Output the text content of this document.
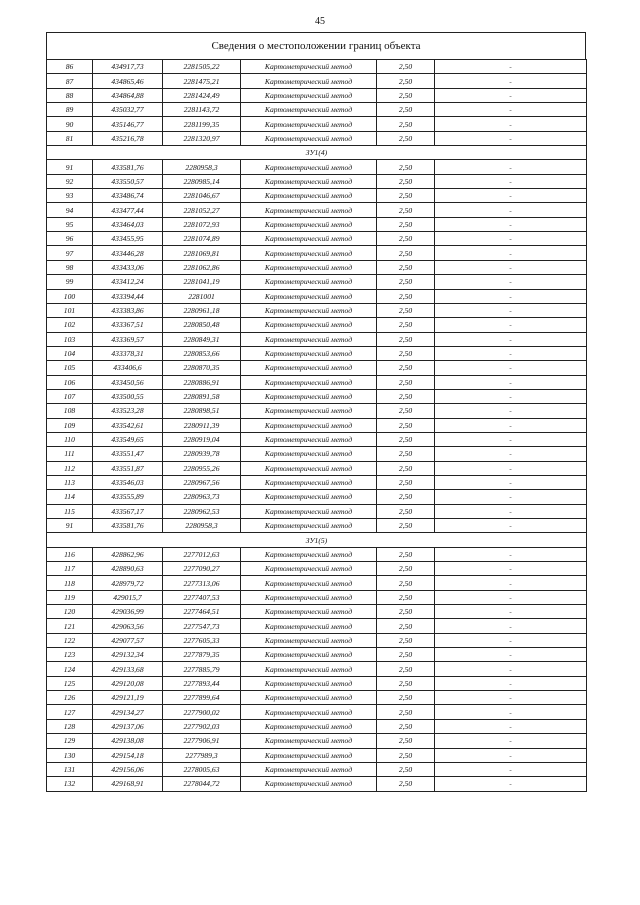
45
Сведения о местоположении границ объекта
86	434917,73	2281505,22	Картометрический метод	2,50	-
87	434865,46	2281475,21	Картометрический метод	2,50	-
88	434864,88	2281424,49	Картометрический метод	2,50	-
89	435032,77	2281143,72	Картометрический метод	2,50	-
90	435146,77	2281199,35	Картометрический метод	2,50	-
81	435216,78	2281320,97	Картометрический метод	2,50	-
ЗУ1(4)					
91	433581,76	2280958,3	Картометрический метод	2,50	-
92	433550,57	2280985,14	Картометрический метод	2,50	-
93	433486,74	2281046,67	Картометрический метод	2,50	-
94	433477,44	2281052,27	Картометрический метод	2,50	-
95	433464,03	2281072,93	Картометрический метод	2,50	-
96	433455,95	2281074,89	Картометрический метод	2,50	-
97	433446,28	2281069,81	Картометрический метод	2,50	-
98	433433,06	2281062,86	Картометрический метод	2,50	-
99	433412,24	2281041,19	Картометрический метод	2,50	-
100	433394,44	2281001	Картометрический метод	2,50	-
101	433383,86	2280961,18	Картометрический метод	2,50	-
102	433367,51	2280850,48	Картометрический метод	2,50	-
103	433369,57	2280849,31	Картометрический метод	2,50	-
104	433378,31	2280853,66	Картометрический метод	2,50	-
105	433406,6	2280870,35	Картометрический метод	2,50	-
106	433450,56	2280886,91	Картометрический метод	2,50	-
107	433500,55	2280891,58	Картометрический метод	2,50	-
108	433523,28	2280898,51	Картометрический метод	2,50	-
109	433542,61	2280911,39	Картометрический метод	2,50	-
110	433549,65	2280919,04	Картометрический метод	2,50	-
111	433551,47	2280939,78	Картометрический метод	2,50	-
112	433551,87	2280955,26	Картометрический метод	2,50	-
113	433546,03	2280967,56	Картометрический метод	2,50	-
114	433555,89	2280963,73	Картометрический метод	2,50	-
115	433567,17	2280962,53	Картометрический метод	2,50	-
91	433581,76	2280958,3	Картометрический метод	2,50	-
ЗУ1(5)					
116	428862,96	2277012,63	Картометрический метод	2,50	-
117	428890,63	2277090,27	Картометрический метод	2,50	-
118	428979,72	2277313,06	Картометрический метод	2,50	-
119	429015,7	2277407,53	Картометрический метод	2,50	-
120	429036,99	2277464,51	Картометрический метод	2,50	-
121	429063,56	2277547,73	Картометрический метод	2,50	-
122	429077,57	2277605,33	Картометрический метод	2,50	-
123	429132,34	2277879,35	Картометрический метод	2,50	-
124	429133,68	2277885,79	Картометрический метод	2,50	-
125	429120,08	2277893,44	Картометрический метод	2,50	-
126	429121,19	2277899,64	Картометрический метод	2,50	-
127	429134,27	2277900,02	Картометрический метод	2,50	-
128	429137,06	2277902,03	Картометрический метод	2,50	-
129	429138,08	2277906,91	Картометрический метод	2,50	-
130	429154,18	2277989,3	Картометрический метод	2,50	-
131	429156,06	2278005,63	Картометрический метод	2,50	-
132	429168,91	2278044,72	Картометрический метод	2,50	-
